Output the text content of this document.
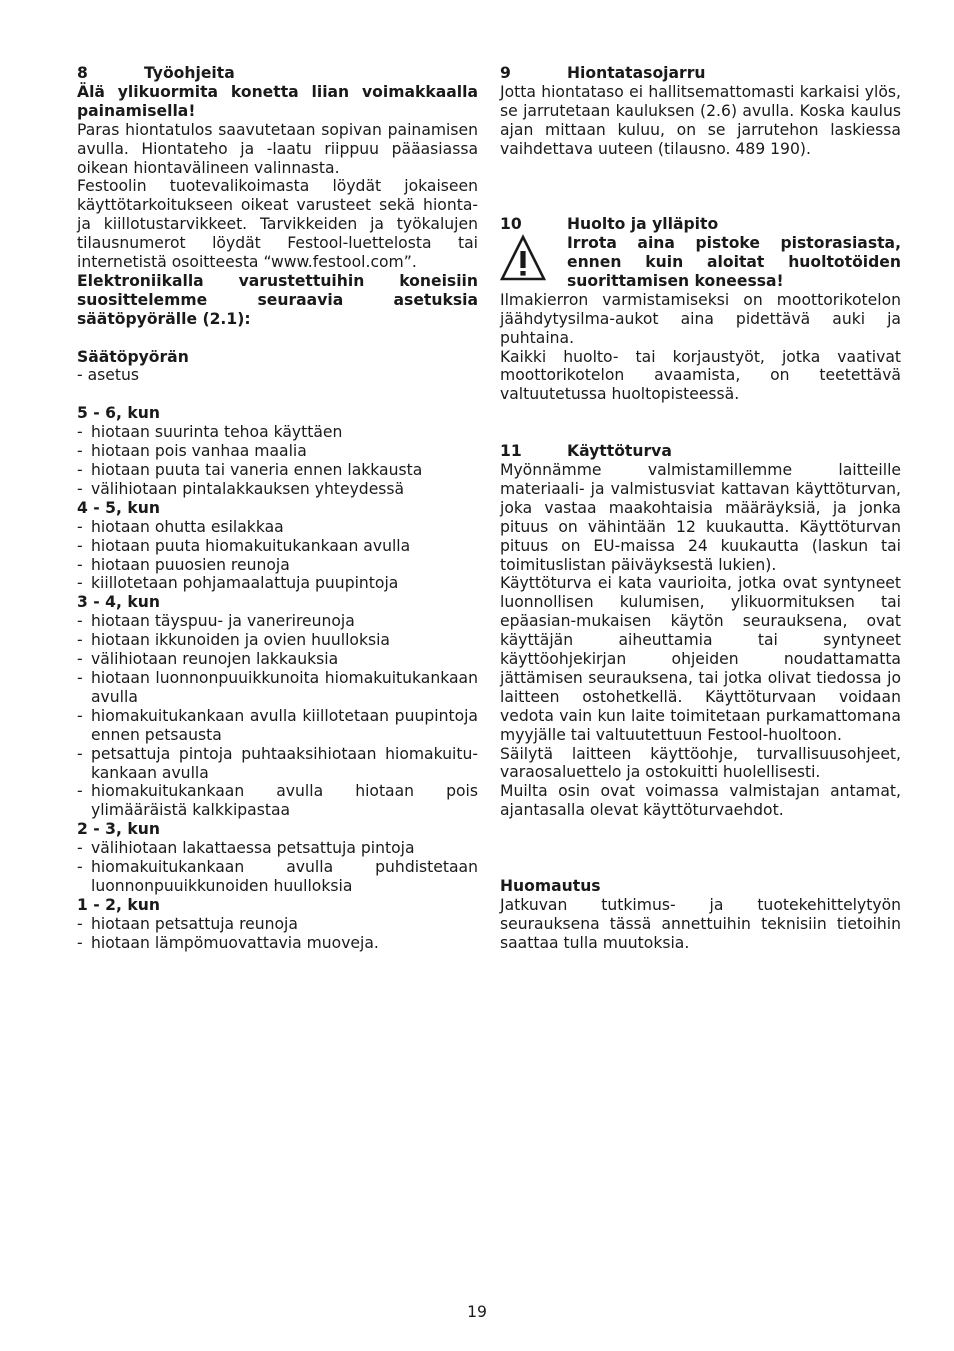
8	Työohjeita

Älä ylikuormita konetta liian voimakkaalla painamisella!

Paras hiontatulos saavutetaan sopivan painamisen avulla. Hiontateho ja -laatu riippuu pääasiassa oikean hiontavälineen valinnasta.

Festoolin tuotevalikoimasta löydät jokaiseen käyttötarkoitukseen oikeat varusteet sekä hionta- ja kiillotustarvikkeet. Tarvikkeiden ja työkalujen tilausnumerot löydät Festool-luettelosta tai internetistä osoitteesta “www.festool.com”.

Elektroniikalla varustettuihin koneisiin suosittelemme seuraavia asetuksia säätöpyörälle (2.1):

Säätöpyörän

- asetus

5 - 6, kun

- hiotaan suurinta tehoa käyttäen
- hiotaan pois vanhaa maalia
- hiotaan puuta tai vaneria ennen lakkausta
- välihiotaan pintalakkauksen yhteydessä

4 - 5, kun

- hiotaan ohutta esilakkaa
- hiotaan puuta hiomakuitukankaan avulla
- hiotaan puuosien reunoja
- kiillotetaan pohjamaalattuja puupintoja

3 - 4, kun

- hiotaan täyspuu- ja vanerireunoja
- hiotaan ikkunoiden ja ovien huulloksia
- välihiotaan reunojen lakkauksia
- hiotaan luonnonpuuikkunoita hiomakuitukankaan avulla
- hiomakuitukankaan avulla kiillotetaan puupintoja ennen petsausta
- petsattuja pintoja puhtaaksihiotaan hiomakuitu-kankaan avulla
- hiomakuitukankaan avulla hiotaan pois ylimääräistä kalkkipastaa

2 - 3, kun

- välihiotaan lakattaessa petsattuja pintoja
- hiomakuitukankaan avulla puhdistetaan luonnonpuuikkunoiden huulloksia

1 - 2, kun

- hiotaan petsattuja reunoja
- hiotaan lämpömuovattavia muoveja.
9	Hiontatasojarru

Jotta hiontataso ei hallitsemattomasti karkaisi ylös, se jarrutetaan kauluksen (2.6) avulla. Koska kaulus ajan mittaan kuluu, on se jarrutehon laskiessa vaihdettava uuteen (tilausno. 489 190).

10	Huolto ja ylläpito
Irrota aina pistoke pistorasiasta, ennen kuin aloitat huoltotöiden suorittamisen koneessa!

Ilmakierron varmistamiseksi on moottorikotelon jäähdytysilma-aukot aina pidettävä auki ja puhtaina.

Kaikki huolto- tai korjaustyöt, jotka vaativat moottorikotelon avaamista, on teetettävä valtuutetussa huoltopisteessä.

11	Käyttöturva

Myönnämme valmistamillemme laitteille materiaali- ja valmistusviat kattavan käyttöturvan, joka vastaa maakohtaisia määräyksiä, ja jonka pituus on vähintään 12 kuukautta. Käyttöturvan pituus on EU-maissa 24 kuukautta (laskun tai toimituslistan päiväyksestä lukien).

Käyttöturva ei kata vaurioita, jotka ovat syntyneet luonnollisen kulumisen, ylikuormituksen tai epäasian-mukaisen käytön seurauksena, ovat käyttäjän aiheuttamia tai syntyneet käyttöohjekirjan ohjeiden noudattamatta jättämisen seurauksena, tai jotka olivat tiedossa jo laitteen ostohetkellä. Käyttöturvaan voidaan vedota vain kun laite toimitetaan purkamattomana myyjälle tai valtuutettuun Festool-huoltoon.

Säilytä laitteen käyttöohje, turvallisuusohjeet, varaosaluettelo ja ostokuitti huolellisesti.

Muilta osin ovat voimassa valmistajan antamat, ajantasalla olevat käyttöturvaehdot.

Huomautus

Jatkuvan tutkimus- ja tuotekehittelytyön seurauksena tässä annettuihin teknisiin tietoihin saattaa tulla muutoksia.

19
